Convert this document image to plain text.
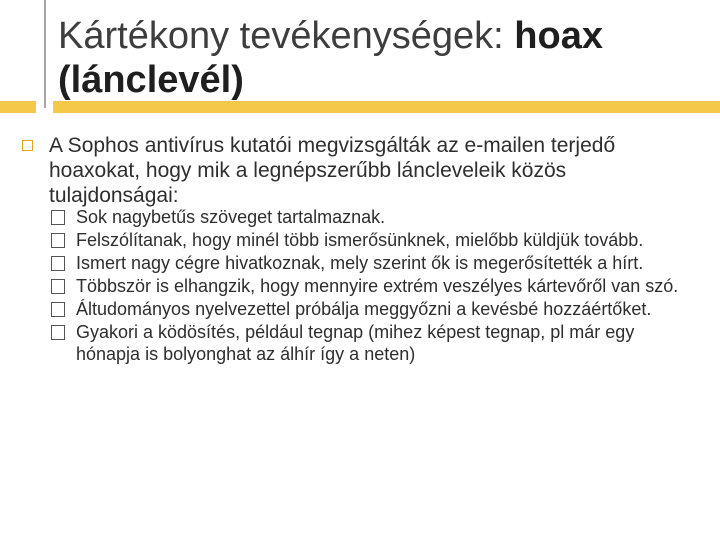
Kártékony tevékenységek: hoax (lánclevél)
A Sophos antivírus kutatói megvizsgálták az e-mailen terjedő hoaxokat, hogy mik a legnépszerűbb láncleveleik közös tulajdonságai:
Sok nagybetűs szöveget tartalmaznak.
Felszólítanak, hogy minél több ismerősünknek, mielőbb küldjük tovább.
Ismert nagy cégre hivatkoznak, mely szerint ők is megerősítették a hírt.
Többször is elhangzik, hogy mennyire extrém veszélyes kártevőről van szó.
Áltudományos nyelvezettel próbálja meggyőzni a kevésbé hozzáértőket.
Gyakori a ködösítés, például tegnap (mihez képest tegnap, pl már egy hónapja is bolyonghat az álhír így a neten)
